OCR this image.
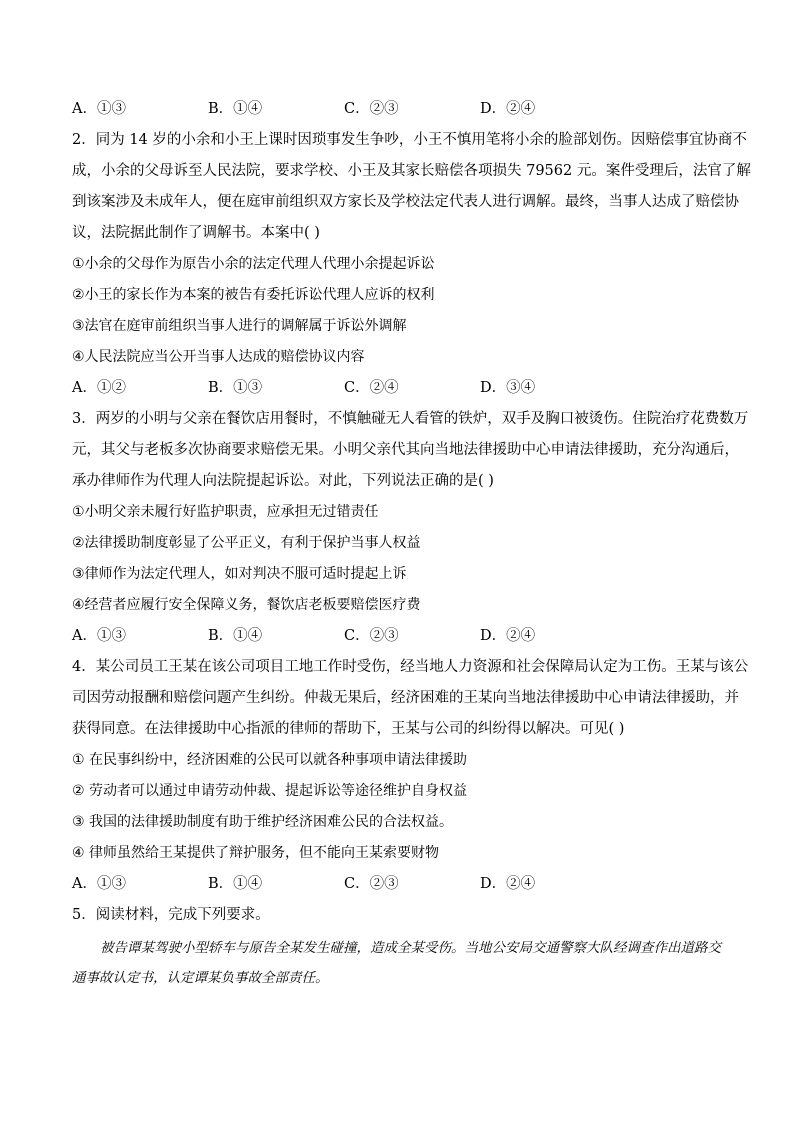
A．①③	B．①④	C．②③	D．②④
2．同为 14 岁的小余和小王上课时因琐事发生争吵，小王不慎用笔将小余的脸部划伤。因赔偿事宜协商不
成，小余的父母诉至人民法院，要求学校、小王及其家长赔偿各项损失 79562 元。案件受理后，法官了解
到该案涉及未成年人，便在庭审前组织双方家长及学校法定代表人进行调解。最终，当事人达成了赔偿协
议，法院据此制作了调解书。本案中( )
①小余的父母作为原告小余的法定代理人代理小余提起诉讼
②小王的家长作为本案的被告有委托诉讼代理人应诉的权利
③法官在庭审前组织当事人进行的调解属于诉讼外调解
④人民法院应当公开当事人达成的赔偿协议内容
A．①②	B．①③	C．②④	D．③④
3．两岁的小明与父亲在餐饮店用餐时，不慎触碰无人看管的铁炉，双手及胸口被烫伤。住院治疗花费数万
元，其父与老板多次协商要求赔偿无果。小明父亲代其向当地法律援助中心申请法律援助，充分沟通后，
承办律师作为代理人向法院提起诉讼。对此，下列说法正确的是( )
①小明父亲未履行好监护职责，应承担无过错责任
②法律援助制度彰显了公平正义，有利于保护当事人权益
③律师作为法定代理人，如对判决不服可适时提起上诉
④经营者应履行安全保障义务，餐饮店老板要赔偿医疗费
A．①③	B．①④	C．②③	D．②④
4．某公司员工王某在该公司项目工地工作时受伤，经当地人力资源和社会保障局认定为工伤。王某与该公
司因劳动报酬和赔偿问题产生纠纷。仲裁无果后，经济困难的王某向当地法律援助中心申请法律援助，并
获得同意。在法律援助中心指派的律师的帮助下，王某与公司的纠纷得以解决。可见( )
① 在民事纠纷中，经济困难的公民可以就各种事项申请法律援助
② 劳动者可以通过申请劳动仲裁、提起诉讼等途径维护自身权益
③ 我国的法律援助制度有助于维护经济困难公民的合法权益。
④ 律师虽然给王某提供了辩护服务，但不能向王某索要财物
A．①③	B．①④	C．②③	D．②④
5．阅读材料，完成下列要求。
被告谭某驾驶小型轿车与原告全某发生碰撞，造成全某受伤。当地公安局交通警察大队经调查作出道路交通事故认定书，认定谭某负事故全部责任。
